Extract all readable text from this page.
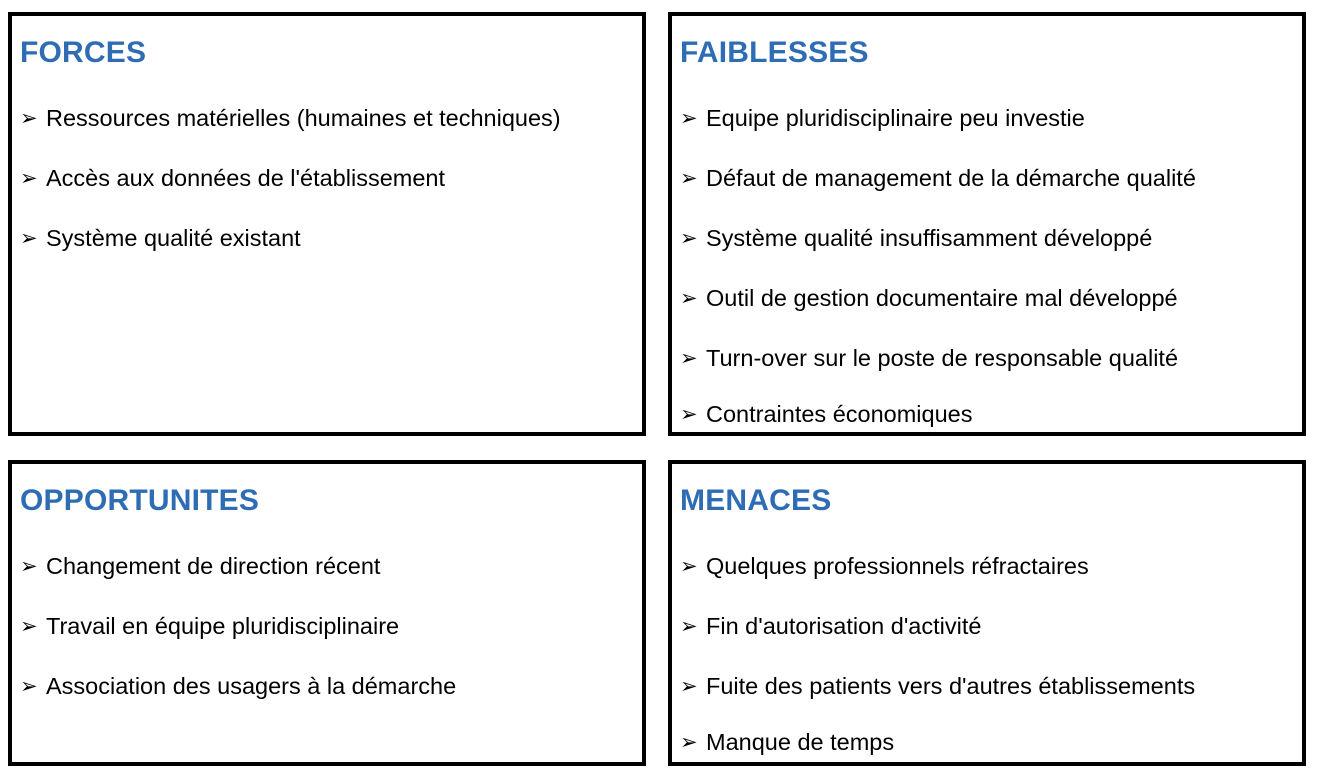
FORCES
➢ Ressources matérielles (humaines et techniques)
➢ Accès aux données de l'établissement
➢ Système qualité existant
FAIBLESSES
➢ Equipe pluridisciplinaire peu investie
➢ Défaut de management de la démarche qualité
➢ Système qualité insuffisamment développé
➢ Outil de gestion documentaire mal développé
➢ Turn-over sur le poste de responsable qualité
➢ Contraintes économiques
OPPORTUNITES
➢ Changement de direction récent
➢ Travail en équipe pluridisciplinaire
➢ Association des usagers à la démarche
MENACES
➢ Quelques professionnels réfractaires
➢ Fin d'autorisation d'activité
➢ Fuite des patients vers d'autres établissements
➢ Manque de temps
